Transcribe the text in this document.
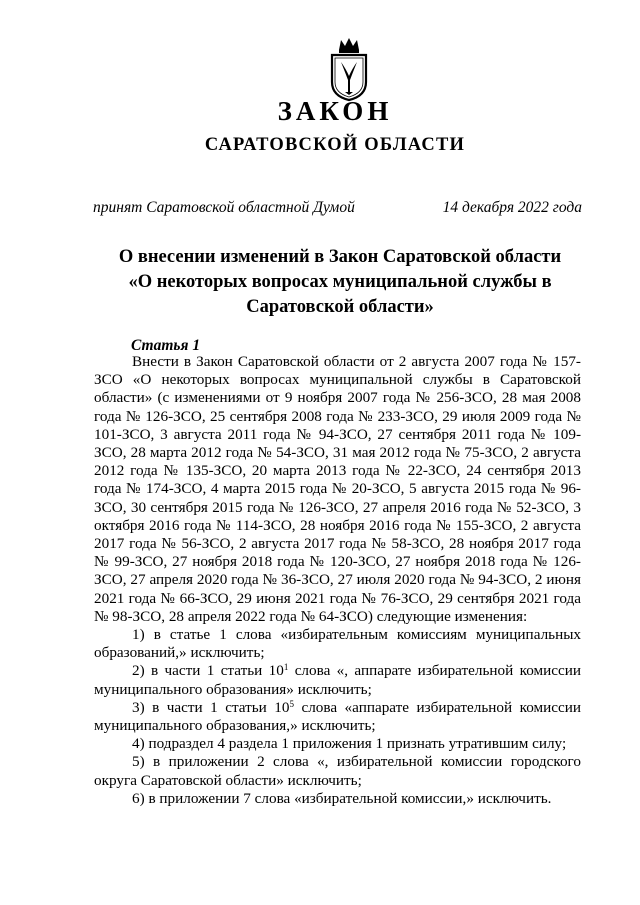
ЗАКОН
САРАТОВСКОЙ ОБЛАСТИ
принят Саратовской областной Думой	14 декабря 2022 года
О внесении изменений в Закон Саратовской области
«О некоторых вопросах муниципальной службы в
Саратовской области»
Статья 1

Внести в Закон Саратовской области от 2 августа 2007 года № 157-ЗСО «О некоторых вопросах муниципальной службы в Саратовской области» (с изменениями от 9 ноября 2007 года № 256-ЗСО, 28 мая 2008 года № 126-ЗСО, 25 сентября 2008 года № 233-ЗСО, 29 июля 2009 года № 101-ЗСО, 3 августа 2011 года № 94-ЗСО, 27 сентября 2011 года № 109-ЗСО, 28 марта 2012 года № 54-ЗСО, 31 мая 2012 года № 75-ЗСО, 2 августа 2012 года № 135-ЗСО, 20 марта 2013 года № 22-ЗСО, 24 сентября 2013 года № 174-ЗСО, 4 марта 2015 года № 20-ЗСО, 5 августа 2015 года № 96-ЗСО, 30 сентября 2015 года № 126-ЗСО, 27 апреля 2016 года № 52-ЗСО, 3 октября 2016 года № 114-ЗСО, 28 ноября 2016 года № 155-ЗСО, 2 августа 2017 года № 56-ЗСО, 2 августа 2017 года № 58-ЗСО, 28 ноября 2017 года № 99-ЗСО, 27 ноября 2018 года № 120-ЗСО, 27 ноября 2018 года № 126-ЗСО, 27 апреля 2020 года № 36-ЗСО, 27 июля 2020 года № 94-ЗСО, 2 июня 2021 года № 66-ЗСО, 29 июня 2021 года № 76-ЗСО, 29 сентября 2021 года № 98-ЗСО, 28 апреля 2022 года № 64-ЗСО) следующие изменения:

1) в статье 1 слова «избирательным комиссиям муниципальных образований,» исключить;

2) в части 1 статьи $10^1$ слова «, аппарате избирательной комиссии муниципального образования» исключить;

3) в части 1 статьи $10^5$ слова «аппарате избирательной комиссии муниципального образования,» исключить;

4) подраздел 4 раздела 1 приложения 1 признать утратившим силу;

5) в приложении 2 слова «, избирательной комиссии городского округа Саратовской области» исключить;

6) в приложении 7 слова «избирательной комиссии,» исключить.
